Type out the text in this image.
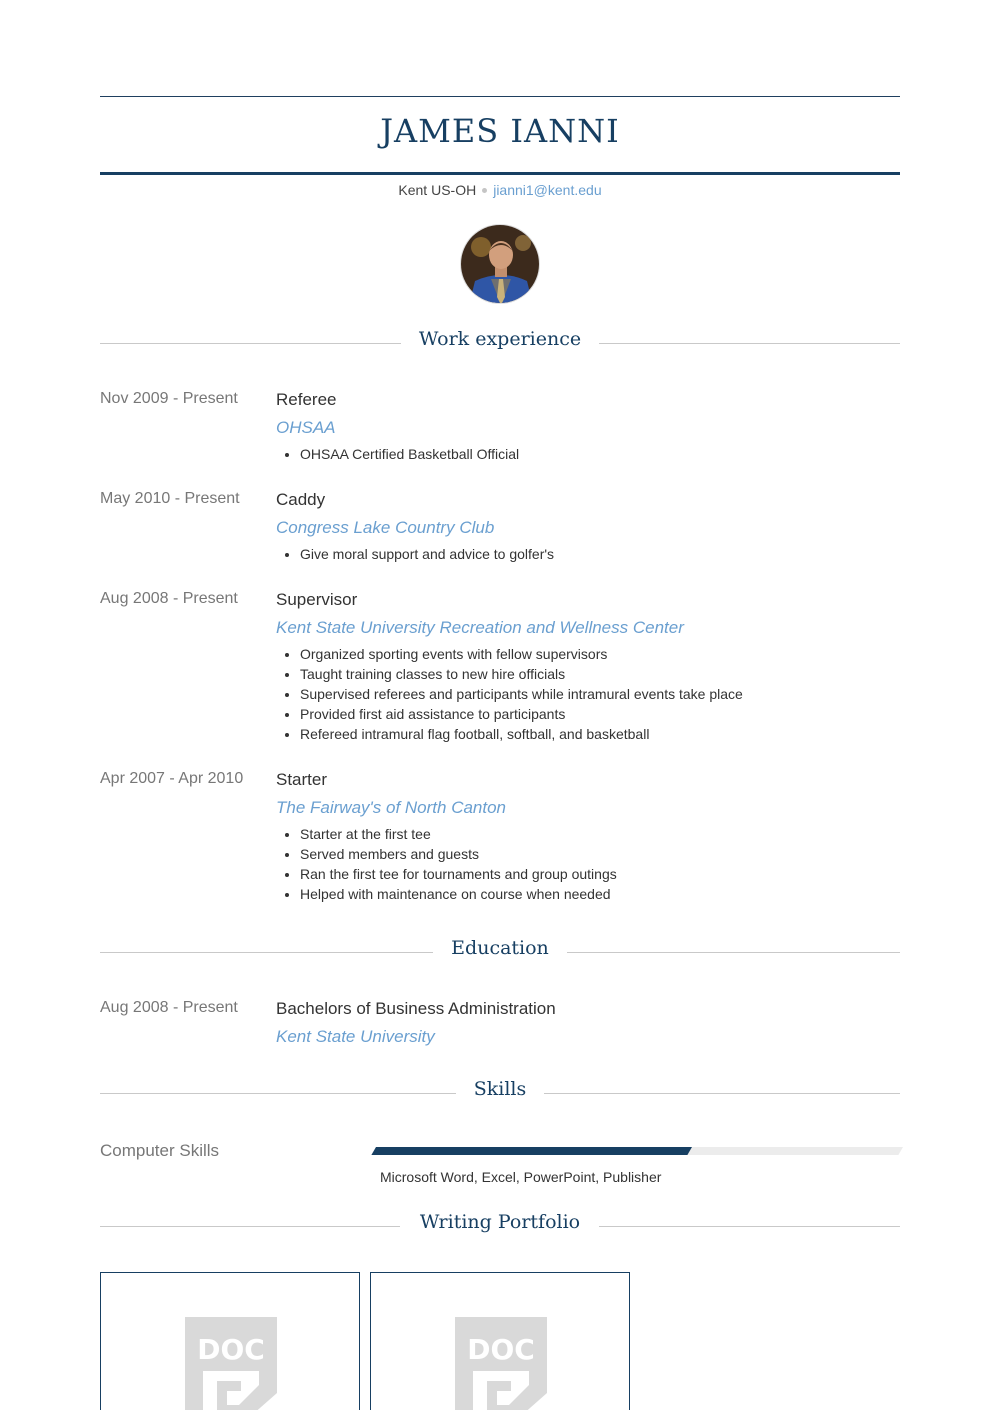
JAMES IANNI
Kent US-OH jianni1@kent.edu
Work experience
Nov 2009 - Present Referee
OHSAA
• OHSAA Certified Basketball Official
May 2010 - Present Caddy
Congress Lake Country Club
• Give moral support and advice to golfer's
Aug 2008 - Present Supervisor
Kent State University Recreation and Wellness Center
• Organized sporting events with fellow supervisors
• Taught training classes to new hire officials
• Supervised referees and participants while intramural events take place
• Provided first aid assistance to participants
• Refereed intramural flag football, softball, and basketball
Apr 2007 - Apr 2010 Starter
The Fairway's of North Canton
• Starter at the first tee
• Served members and guests
• Ran the first tee for tournaments and group outings
• Helped with maintenance on course when needed
Education
Aug 2008 - Present Bachelors of Business Administration
Kent State University
Skills
Computer Skills
Microsoft Word, Excel, PowerPoint, Publisher
Writing Portfolio
DOC	DOC
